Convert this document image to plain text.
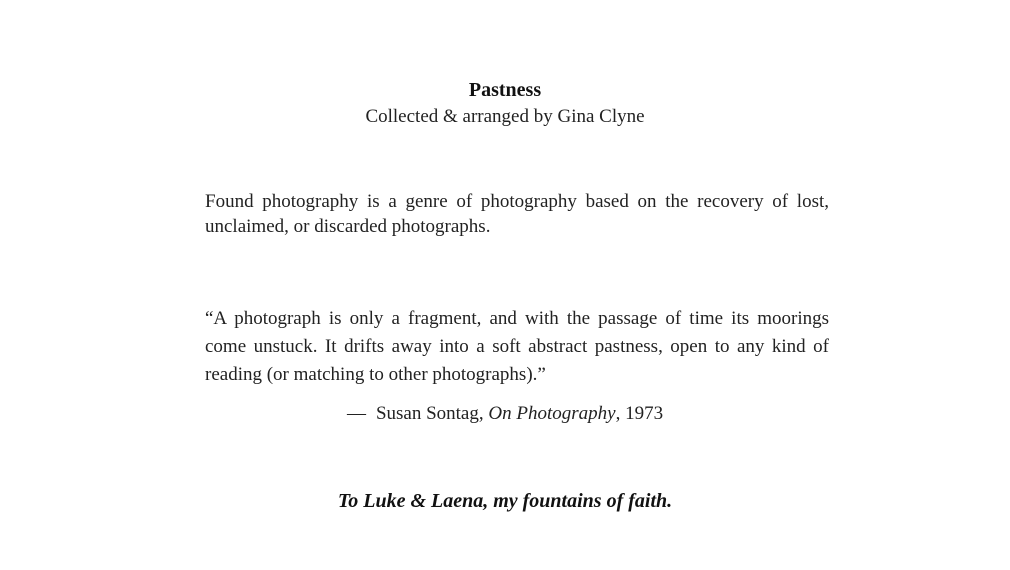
Pastness
Collected & arranged by Gina Clyne
Found photography is a genre of photography based on the recovery of lost, unclaimed, or discarded photographs.
“A photograph is only a fragment, and with the passage of time its moorings come unstuck. It drifts away into a soft abstract pastness, open to any kind of reading (or matching to other photographs).”
— Susan Sontag, On Photography, 1973
To Luke & Laena, my fountains of faith.
